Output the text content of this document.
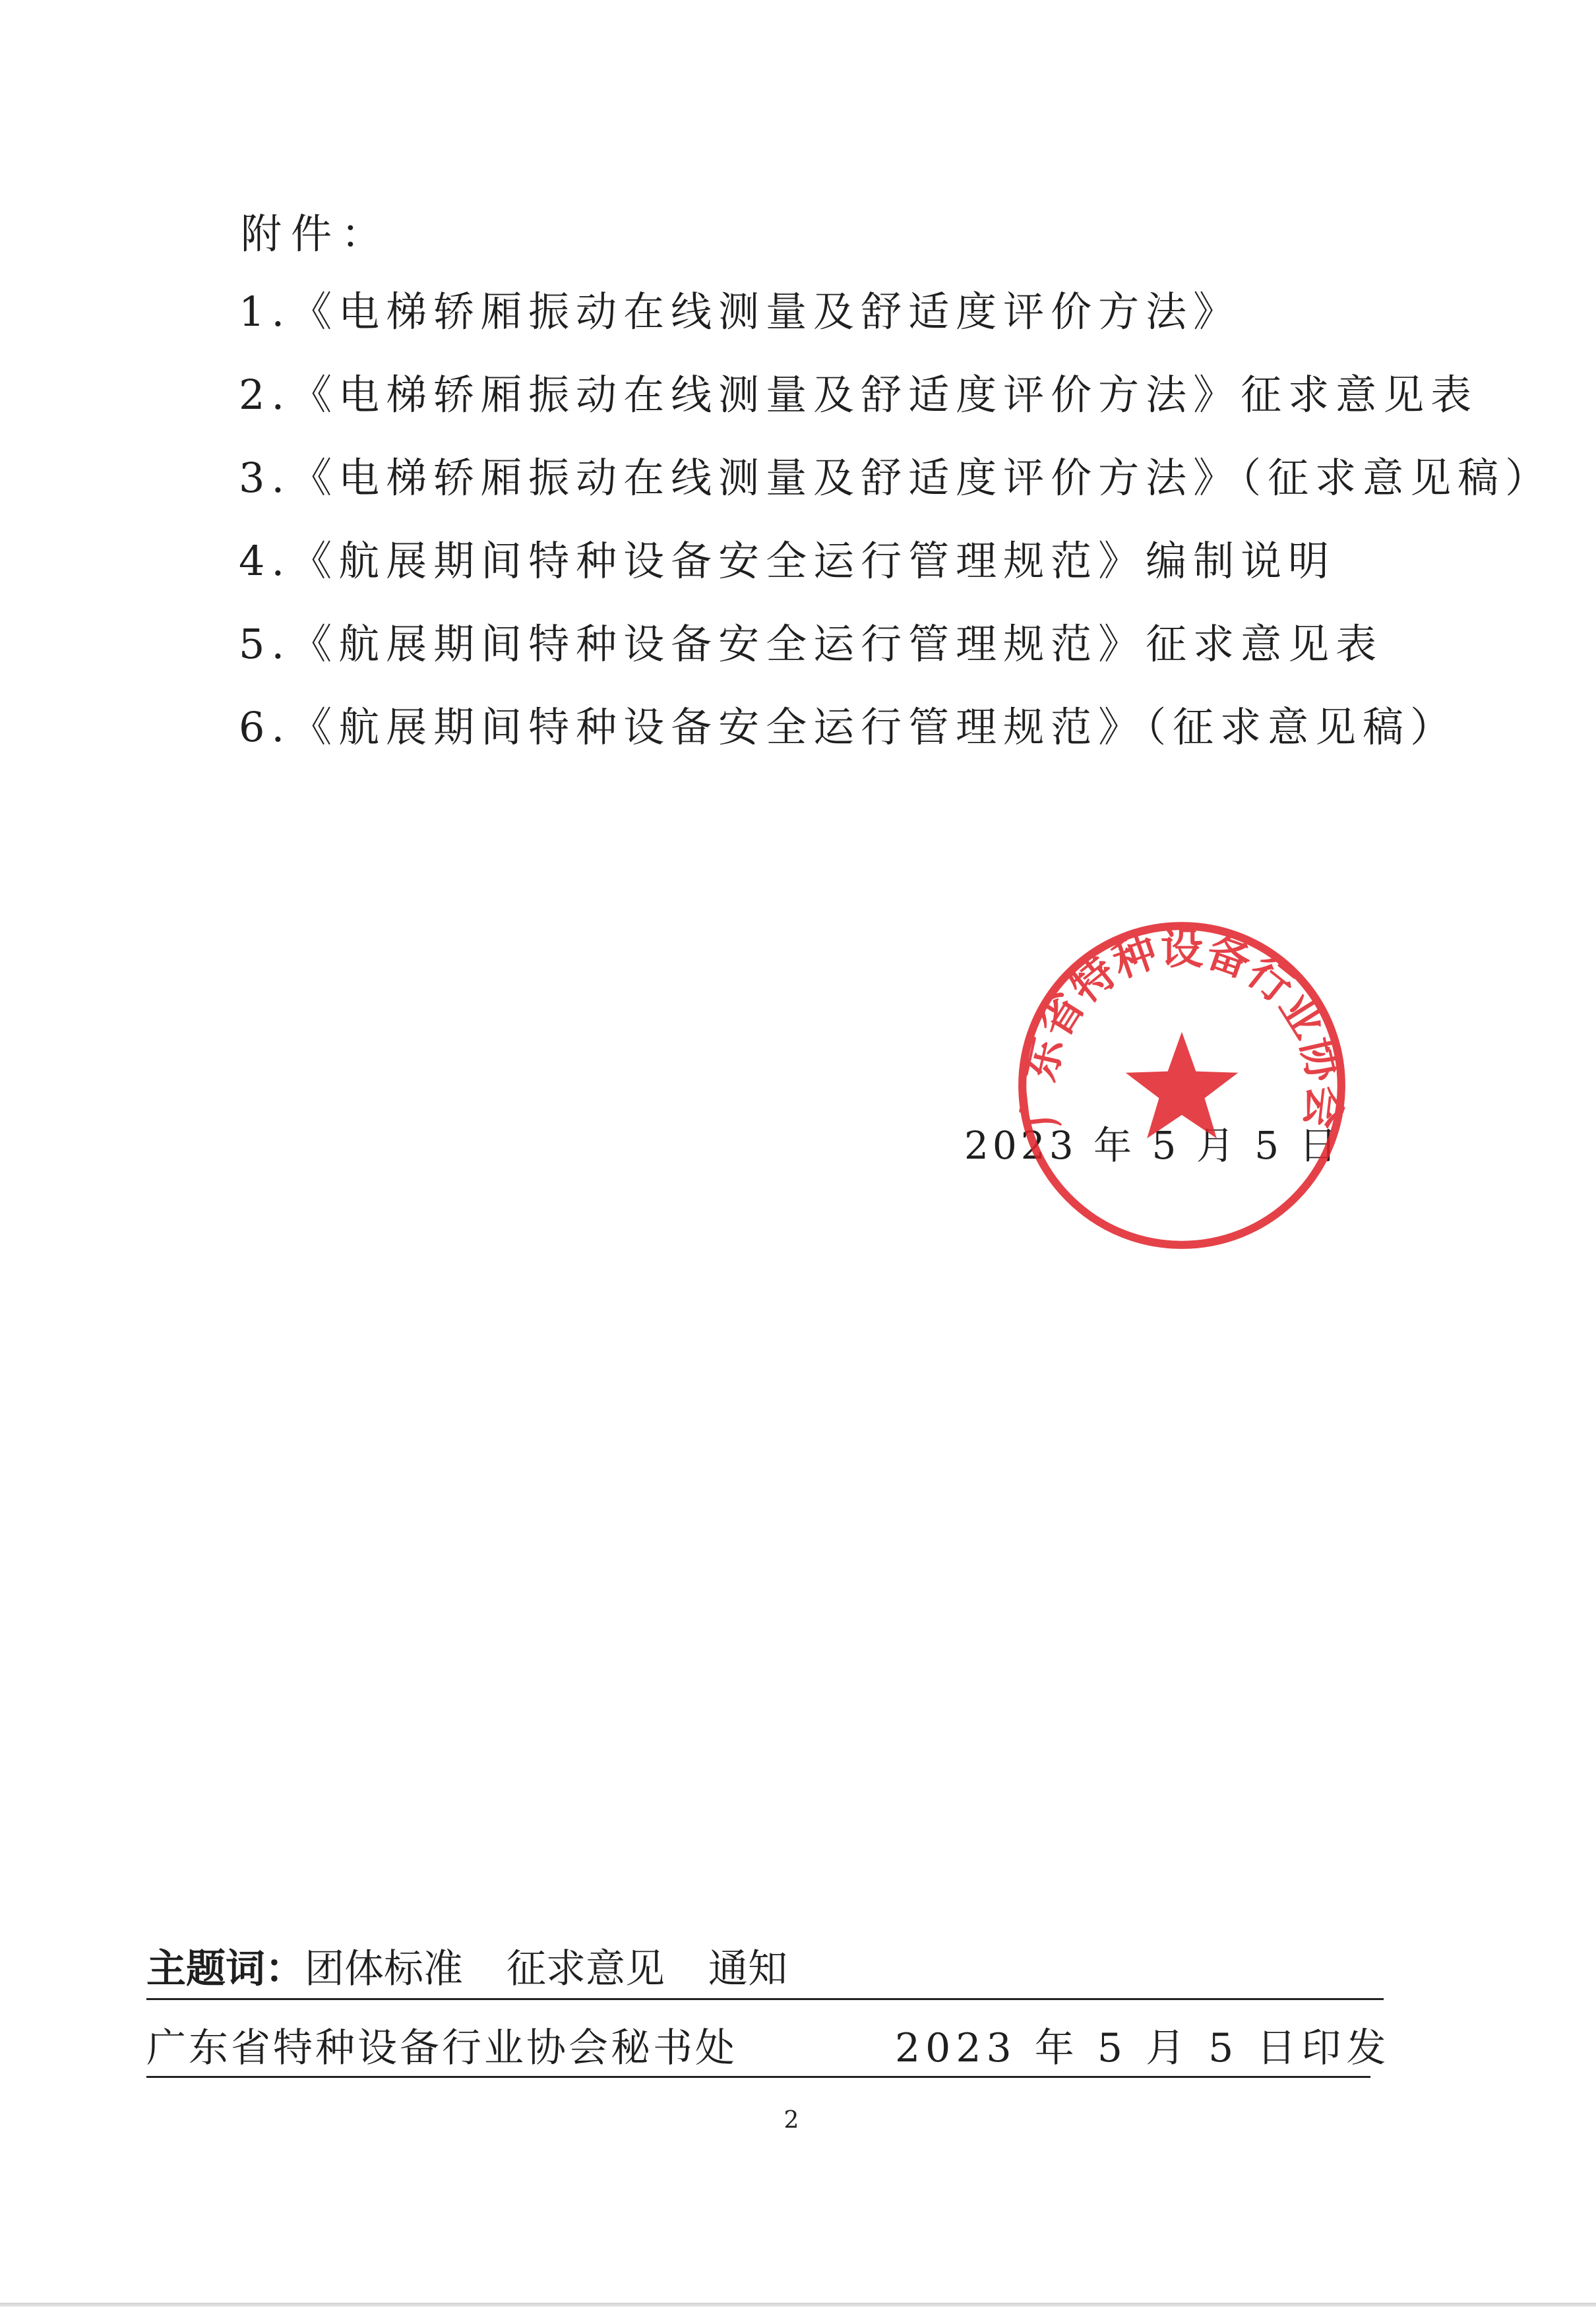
附件：
1.《电梯轿厢振动在线测量及舒适度评价方法》
2.《电梯轿厢振动在线测量及舒适度评价方法》征求意见表
3.《电梯轿厢振动在线测量及舒适度评价方法》（征求意见稿）
4.《航展期间特种设备安全运行管理规范》编制说明
5.《航展期间特种设备安全运行管理规范》征求意见表
6.《航展期间特种设备安全运行管理规范》（征求意见稿）
2023 年 5 月 5 日
广东省特种设备行业协会
主题词：团体标准 征求意见 通知
广东省特种设备行业协会秘书处	2023 年 5 月 5 日印发
2
